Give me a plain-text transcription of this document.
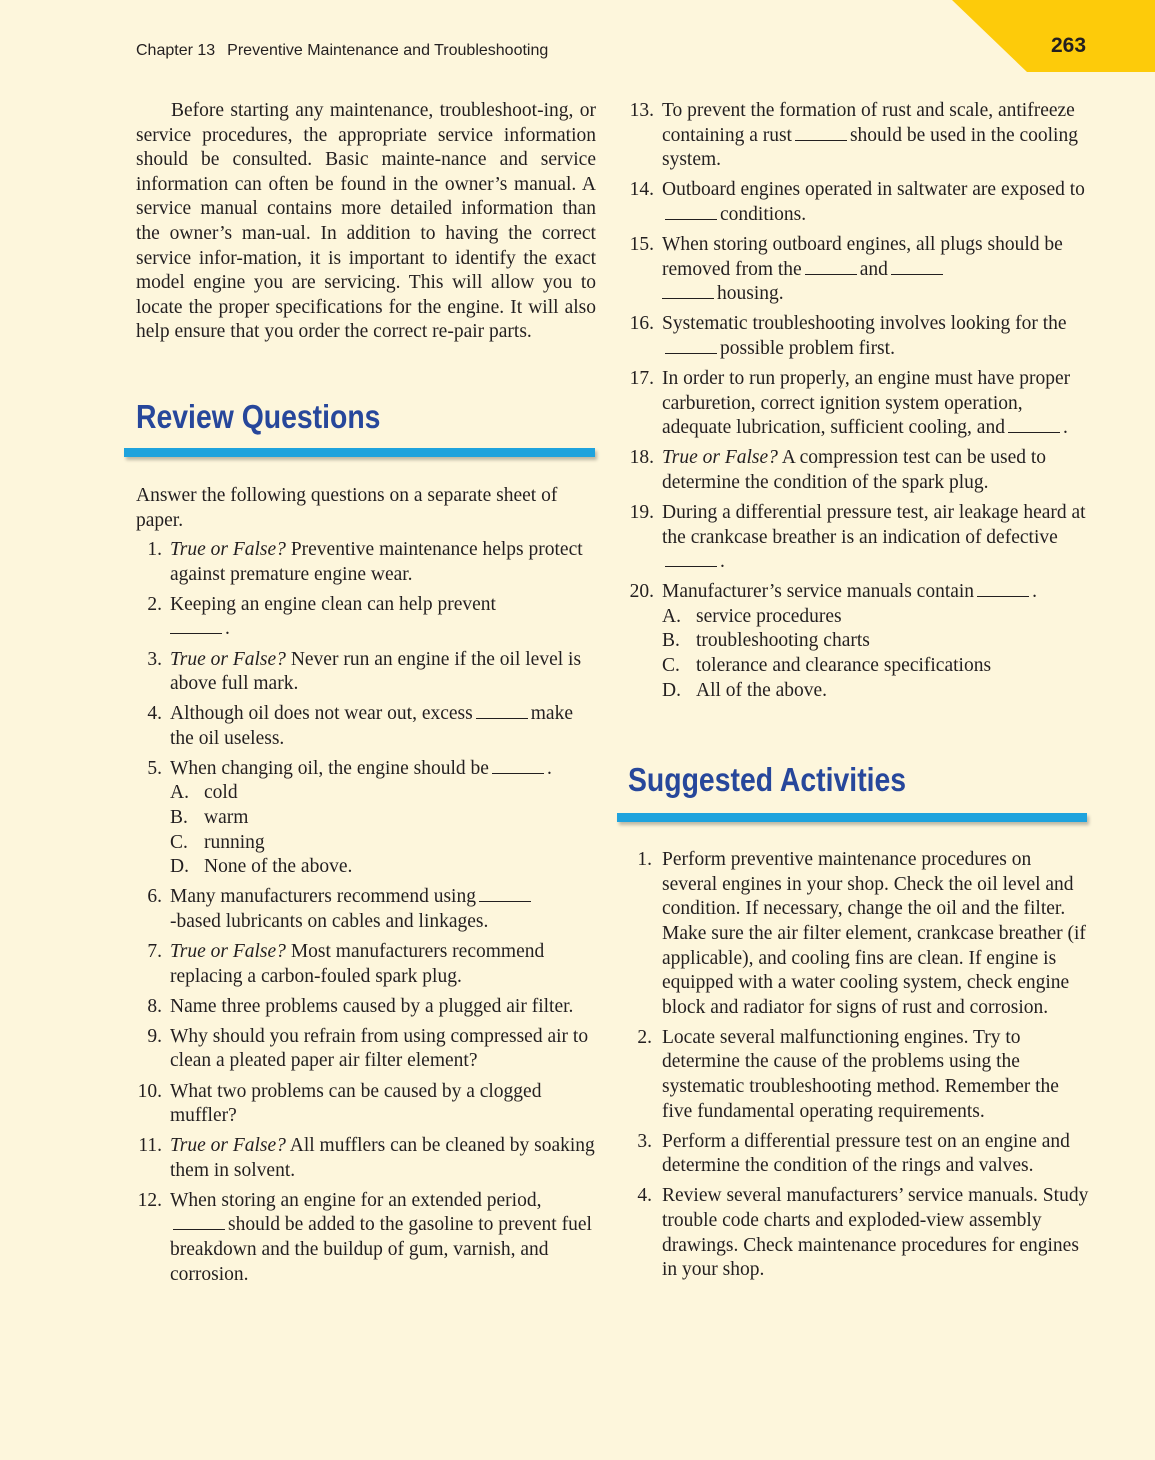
263
Chapter 13 Preventive Maintenance and Troubleshooting

Before starting any maintenance, troubleshoot-ing, or service procedures, the appropriate service information should be consulted. Basic mainte-nance and service information can often be found in the owner’s manual. A service manual contains more detailed information than the owner’s man-ual. In addition to having the correct service infor-mation, it is important to identify the exact model engine you are servicing. This will allow you to locate the proper specifications for the engine. It will also help ensure that you order the correct re-pair parts.

Review Questions

Answer the following questions on a separate sheet of paper.

1. True or False? Preventive maintenance helps protect against premature engine wear.
2. Keeping an engine clean can help prevent
.
3. True or False? Never run an engine if the oil level is above full mark.
4. Although oil does not wear out, excess	make the oil useless.
5. When changing oil, the engine should be	.
A. cold
B. warm
C. running
D. None of the above.
6. Many manufacturers recommend using
-based lubricants on cables and linkages.
7. True or False? Most manufacturers recommend replacing a carbon-fouled spark plug.
8. Name three problems caused by a plugged air filter.
9. Why should you refrain from using compressed air to clean a pleated paper air filter element?
10. What two problems can be caused by a clogged muffler?
11. True or False? All mufflers can be cleaned by soaking them in solvent.
12. When storing an engine for an extended period,should be added to the gasoline to prevent fuel breakdown and the buildup of gum, varnish, and corrosion.
13. To prevent the formation of rust and scale, antifreeze containing a rust	should be used in the cooling system.
14. Outboard engines operated in saltwater are exposed toconditions.
15. When storing outboard engines, all plugs should be removed from the	and
housing.
16. Systematic troubleshooting involves looking for thepossible problem first.
17. In order to run properly, an engine must have proper carburetion, correct ignition system operation, adequate lubrication, sufficient cooling, and	.
18. True or False? A compression test can be used to determine the condition of the spark plug.
19. During a differential pressure test, air leakage heard at the crankcase breather is an indication of defective.
20. Manufacturer’s service manuals contain	.
A. service procedures
B. troubleshooting charts
C. tolerance and clearance specifications
D. All of the above.
Suggested Activities
1. Perform preventive maintenance procedures on several engines in your shop. Check the oil level and condition. If necessary, change the oil and the filter. Make sure the air filter element, crankcase breather (if applicable), and cooling fins are clean. If engine is equipped with a water cooling system, check engine block and radiator for signs of rust and corrosion.
2. Locate several malfunctioning engines. Try to determine the cause of the problems using the systematic troubleshooting method. Remember the five fundamental operating requirements.
3. Perform a differential pressure test on an engine and determine the condition of the rings and valves.
4. Review several manufacturers’ service manuals. Study trouble code charts and exploded-view assembly drawings. Check maintenance procedures for engines in your shop.
